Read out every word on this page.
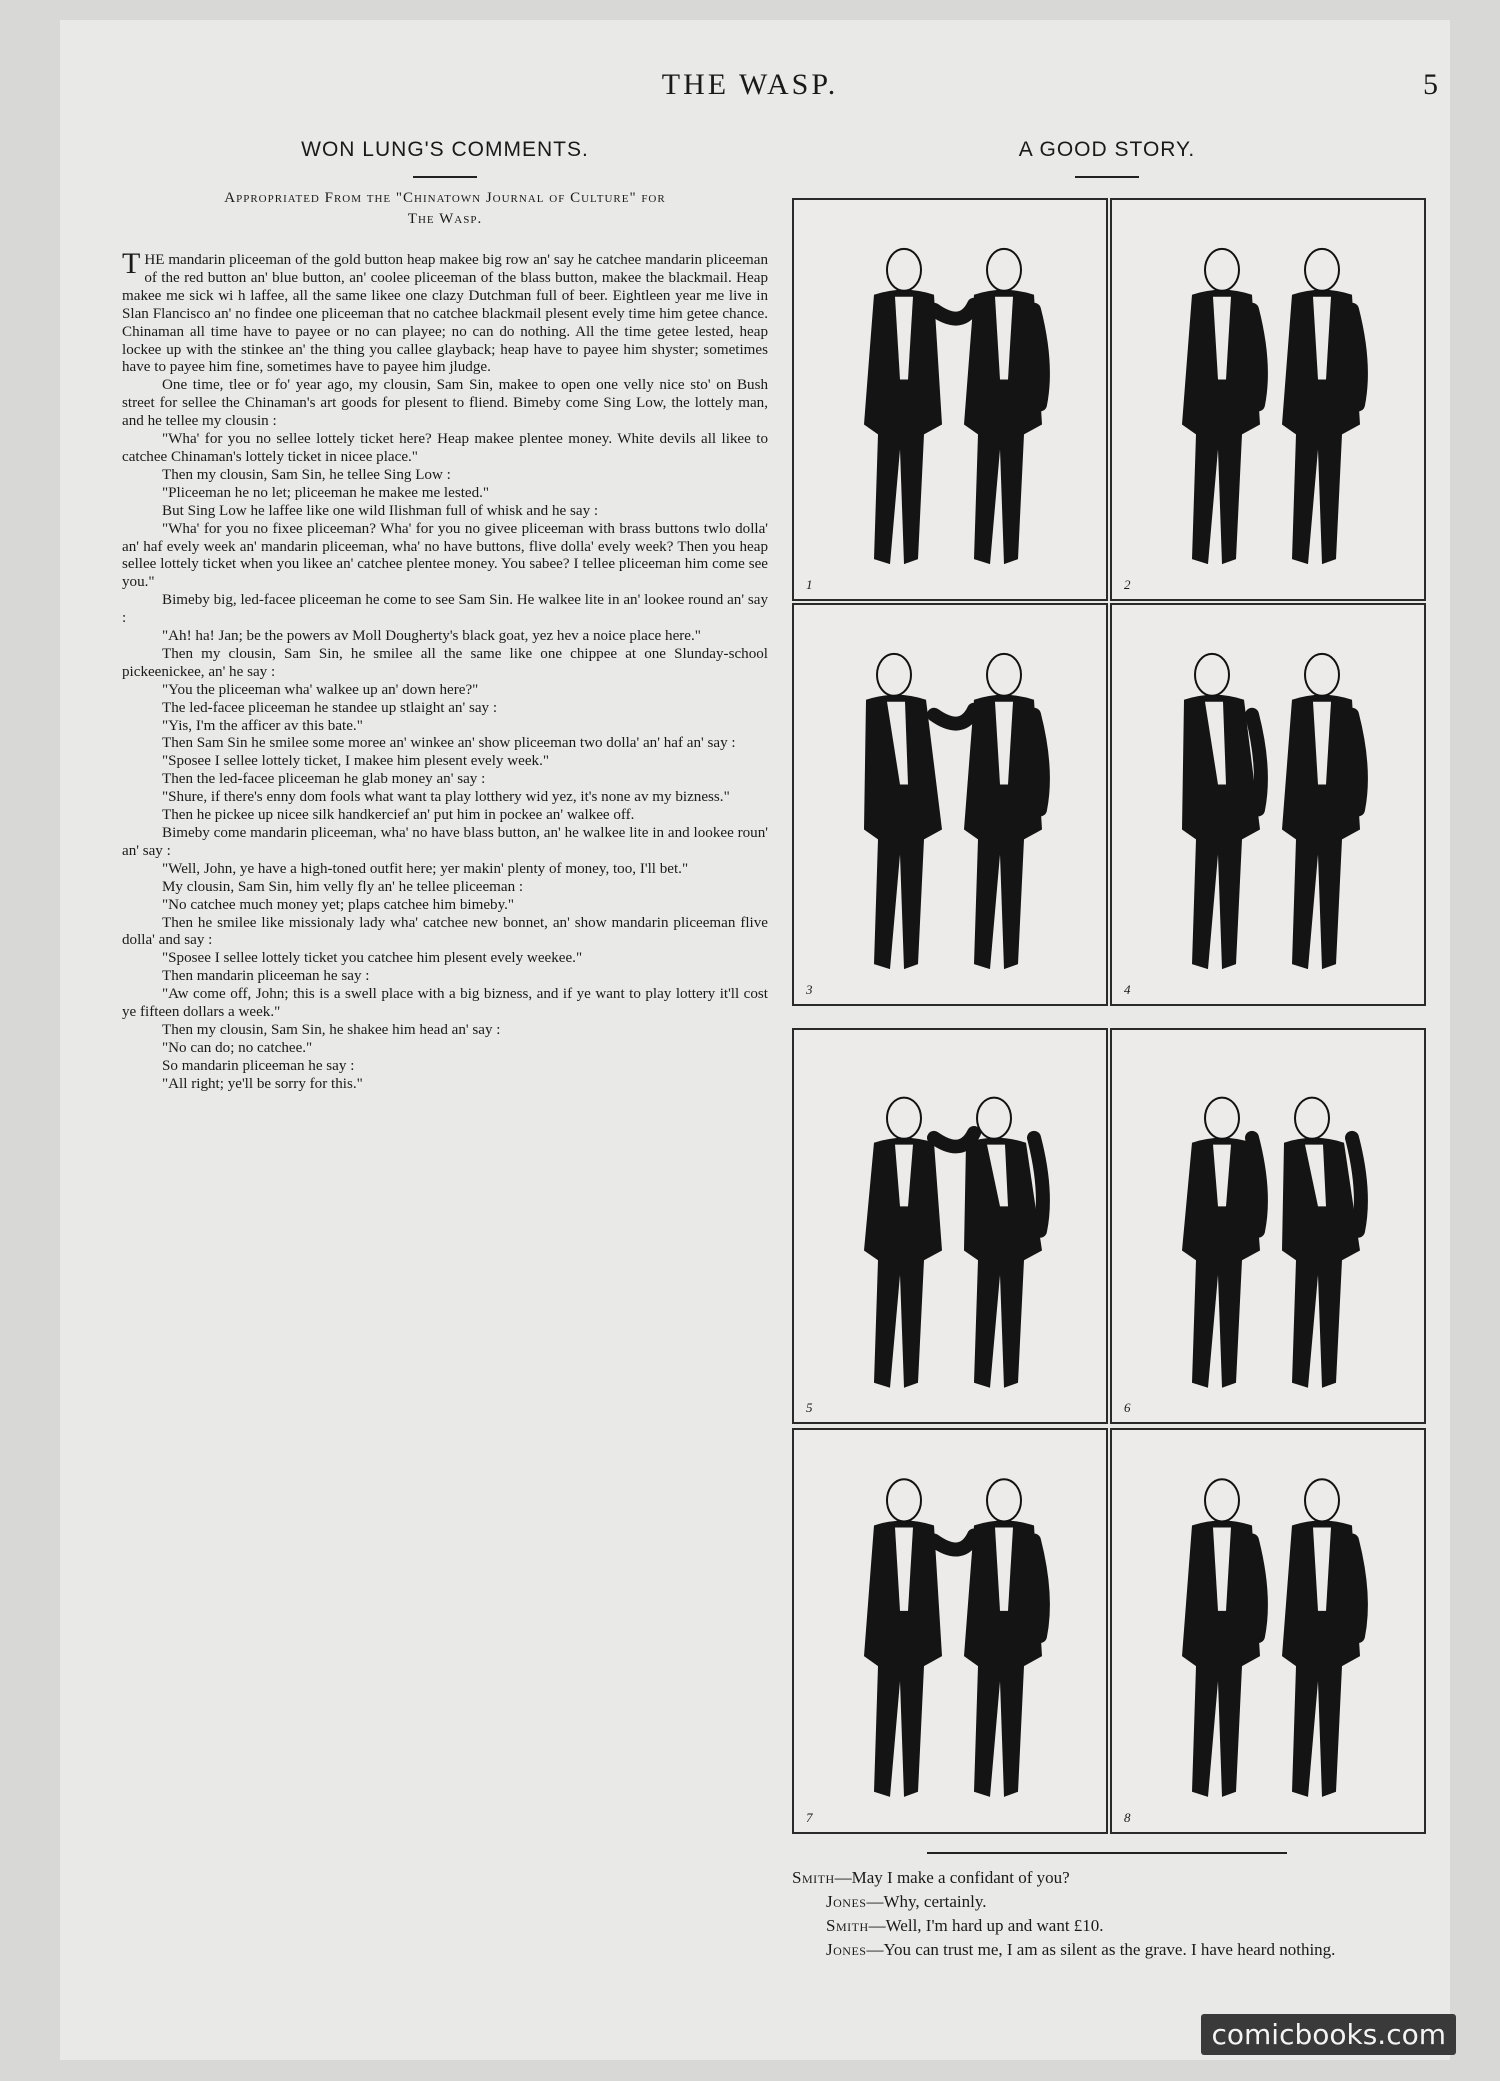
THE WASP.	5
WON LUNG'S COMMENTS.
Appropriated From the "Chinatown Journal of Culture" for
The Wasp.

THE mandarin pliceeman of the gold button heap makee big row an' say he catchee mandarin pliceeman of the red button an' blue button, an' coolee pliceeman of the blass button, makee the blackmail. Heap makee me sick wi h laffee, all the same likee one clazy Dutchman full of beer. Eightleen year me live in Slan Flancisco an' no findee one pliceeman that no catchee blackmail plesent evely time him getee chance. Chinaman all time have to payee or no can playee; no can do nothing. All the time getee lested, heap lockee up with the stinkee an' the thing you callee glayback; heap have to payee him shyster; sometimes have to payee him fine, sometimes have to payee him jludge.

One time, tlee or fo' year ago, my clousin, Sam Sin, makee to open one velly nice sto' on Bush street for sellee the Chinaman's art goods for plesent to fliend. Bimeby come Sing Low, the lottely man, and he tellee my clousin :

"Wha' for you no sellee lottely ticket here? Heap makee plentee money. White devils all likee to catchee Chinaman's lottely ticket in nicee place."

Then my clousin, Sam Sin, he tellee Sing Low :

"Pliceeman he no let; pliceeman he makee me lested."

But Sing Low he laffee like one wild Ilishman full of whisk and he say :

"Wha' for you no fixee pliceeman? Wha' for you no givee pliceeman with brass buttons twlo dolla' an' haf evely week an' mandarin pliceeman, wha' no have buttons, flive dolla' evely week? Then you heap sellee lottely ticket when you likee an' catchee plentee money. You sabee? I tellee pliceeman him come see you."

Bimeby big, led-facee pliceeman he come to see Sam Sin. He walkee lite in an' lookee round an' say :

"Ah! ha! Jan; be the powers av Moll Dougherty's black goat, yez hev a noice place here."

Then my clousin, Sam Sin, he smilee all the same like one chippee at one Slunday-school pickeenickee, an' he say :

"You the pliceeman wha' walkee up an' down here?"

The led-facee pliceeman he standee up stlaight an' say :

"Yis, I'm the afficer av this bate."

Then Sam Sin he smilee some moree an' winkee an' show pliceeman two dolla' an' haf an' say :

"Sposee I sellee lottely ticket, I makee him plesent evely week."

Then the led-facee pliceeman he glab money an' say :

"Shure, if there's enny dom fools what want ta play lotthery wid yez, it's none av my bizness."

Then he pickee up nicee silk handkercief an' put him in pockee an' walkee off.

Bimeby come mandarin pliceeman, wha' no have blass button, an' he walkee lite in and lookee roun' an' say :

"Well, John, ye have a high-toned outfit here; yer makin' plenty of money, too, I'll bet."

My clousin, Sam Sin, him velly fly an' he tellee pliceeman :

"No catchee much money yet; plaps catchee him bimeby."

Then he smilee like missionaly lady wha' catchee new bonnet, an' show mandarin pliceeman flive dolla' and say :

"Sposee I sellee lottely ticket you catchee him plesent evely weekee."

Then mandarin pliceeman he say :

"Aw come off, John; this is a swell place with a big bizness, and if ye want to play lottery it'll cost ye fifteen dollars a week."

Then my clousin, Sam Sin, he shakee him head an' say :

"No can do; no catchee."

So mandarin pliceeman he say :

"All right; ye'll be sorry for this."

A GOOD STORY.
1	2
3	4
5	6
7	8

Smith—May I make a confidant of you?

Jones—Why, certainly.

Smith—Well, I'm hard up and want £10.

Jones—You can trust me, I am as silent as the grave. I have heard nothing.

comicbooks.com
